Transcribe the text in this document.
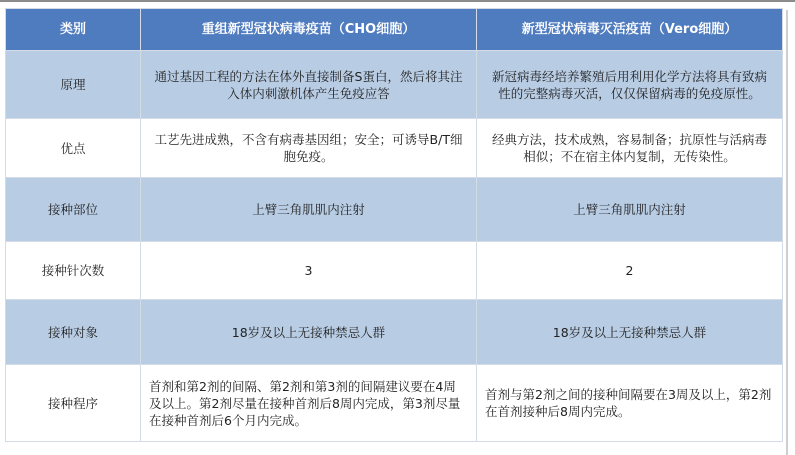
类别	重组新型冠状病毒疫苗（CHO细胞）	新型冠状病毒灭活疫苗（Vero细胞）
原理	通过基因工程的方法在体外直接制备S蛋白，然后将其注入体内刺激机体产生免疫应答	新冠病毒经培养繁殖后用利用化学方法将具有致病性的完整病毒灭活，仅仅保留病毒的免疫原性。
优点	工艺先进成熟，不含有病毒基因组；安全；可诱导B/T细胞免疫。	经典方法，技术成熟，容易制备；抗原性与活病毒相似；不在宿主体内复制，无传染性。
接种部位	上臂三角肌肌内注射	上臂三角肌肌内注射
接种针次数	3	2
接种对象	18岁及以上无接种禁忌人群	18岁及以上无接种禁忌人群
接种程序	首剂和第2剂的间隔、第2剂和第3剂的间隔建议要在4周及以上。第2剂尽量在接种首剂后8周内完成，第3剂尽量在接种首剂后6个月内完成。	首剂与第2剂之间的接种间隔要在3周及以上，第2剂在首剂接种后8周内完成。
